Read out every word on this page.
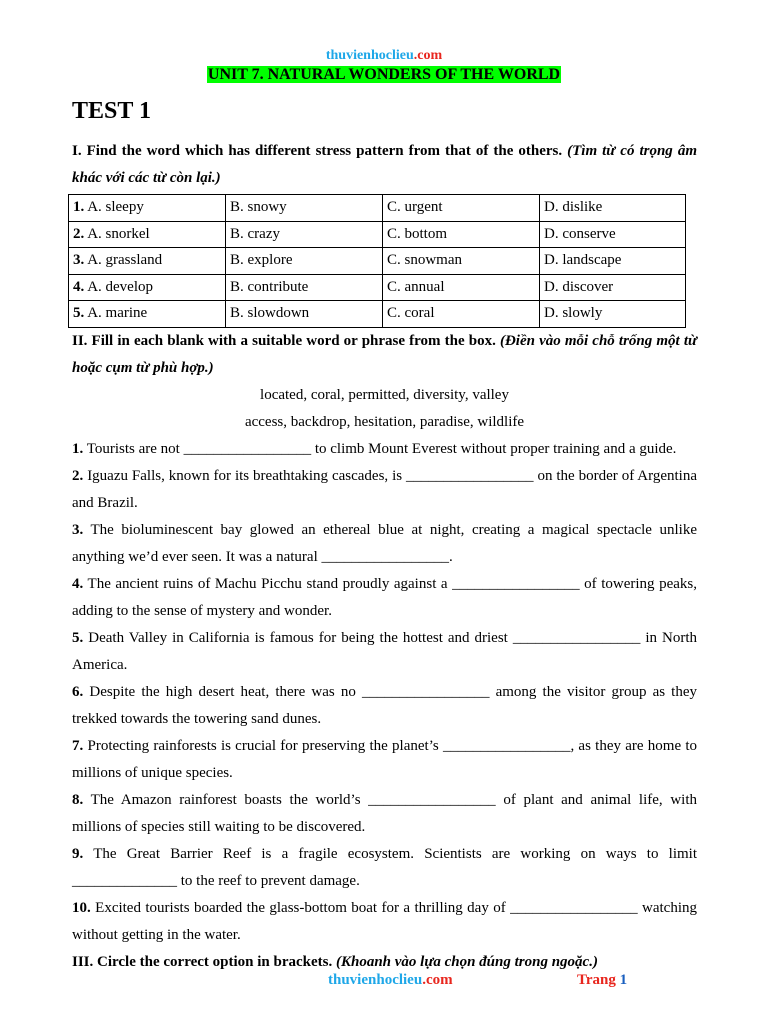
thuvienhoclieu.com
UNIT 7. NATURAL WONDERS OF THE WORLD
TEST 1
I. Find the word which has different stress pattern from that of the others. (Tìm từ có trọng âm khác với các từ còn lại.)
1. A. sleepy	B. snowy	C. urgent	D. dislike
2. A. snorkel	B. crazy	C. bottom	D. conserve
3. A. grassland	B. explore	C. snowman	D. landscape
4. A. develop	B. contribute	C. annual	D. discover
5. A. marine	B. slowdown	C. coral	D. slowly
II. Fill in each blank with a suitable word or phrase from the box. (Điền vào mỗi chỗ trống một từ hoặc cụm từ phù hợp.)
located, coral, permitted, diversity, valley
access, backdrop, hesitation, paradise, wildlife
1. Tourists are not _________________ to climb Mount Everest without proper training and a guide.
2. Iguazu Falls, known for its breathtaking cascades, is _________________ on the border of Argentina and Brazil.
3. The bioluminescent bay glowed an ethereal blue at night, creating a magical spectacle unlike anything we’d ever seen. It was a natural _________________.
4. The ancient ruins of Machu Picchu stand proudly against a _________________ of towering peaks, adding to the sense of mystery and wonder.
5. Death Valley in California is famous for being the hottest and driest _________________ in North America.
6. Despite the high desert heat, there was no _________________ among the visitor group as they trekked towards the towering sand dunes.
7. Protecting rainforests is crucial for preserving the planet’s _________________, as they are home to millions of unique species.
8. The Amazon rainforest boasts the world’s _________________ of plant and animal life, with millions of species still waiting to be discovered.
9. The Great Barrier Reef is a fragile ecosystem. Scientists are working on ways to limit ______________ to the reef to prevent damage.
10. Excited tourists boarded the glass-bottom boat for a thrilling day of _________________ watching without getting in the water.
III. Circle the correct option in brackets. (Khoanh vào lựa chọn đúng trong ngoặc.)
thuvienhoclieu.com	Trang 1
